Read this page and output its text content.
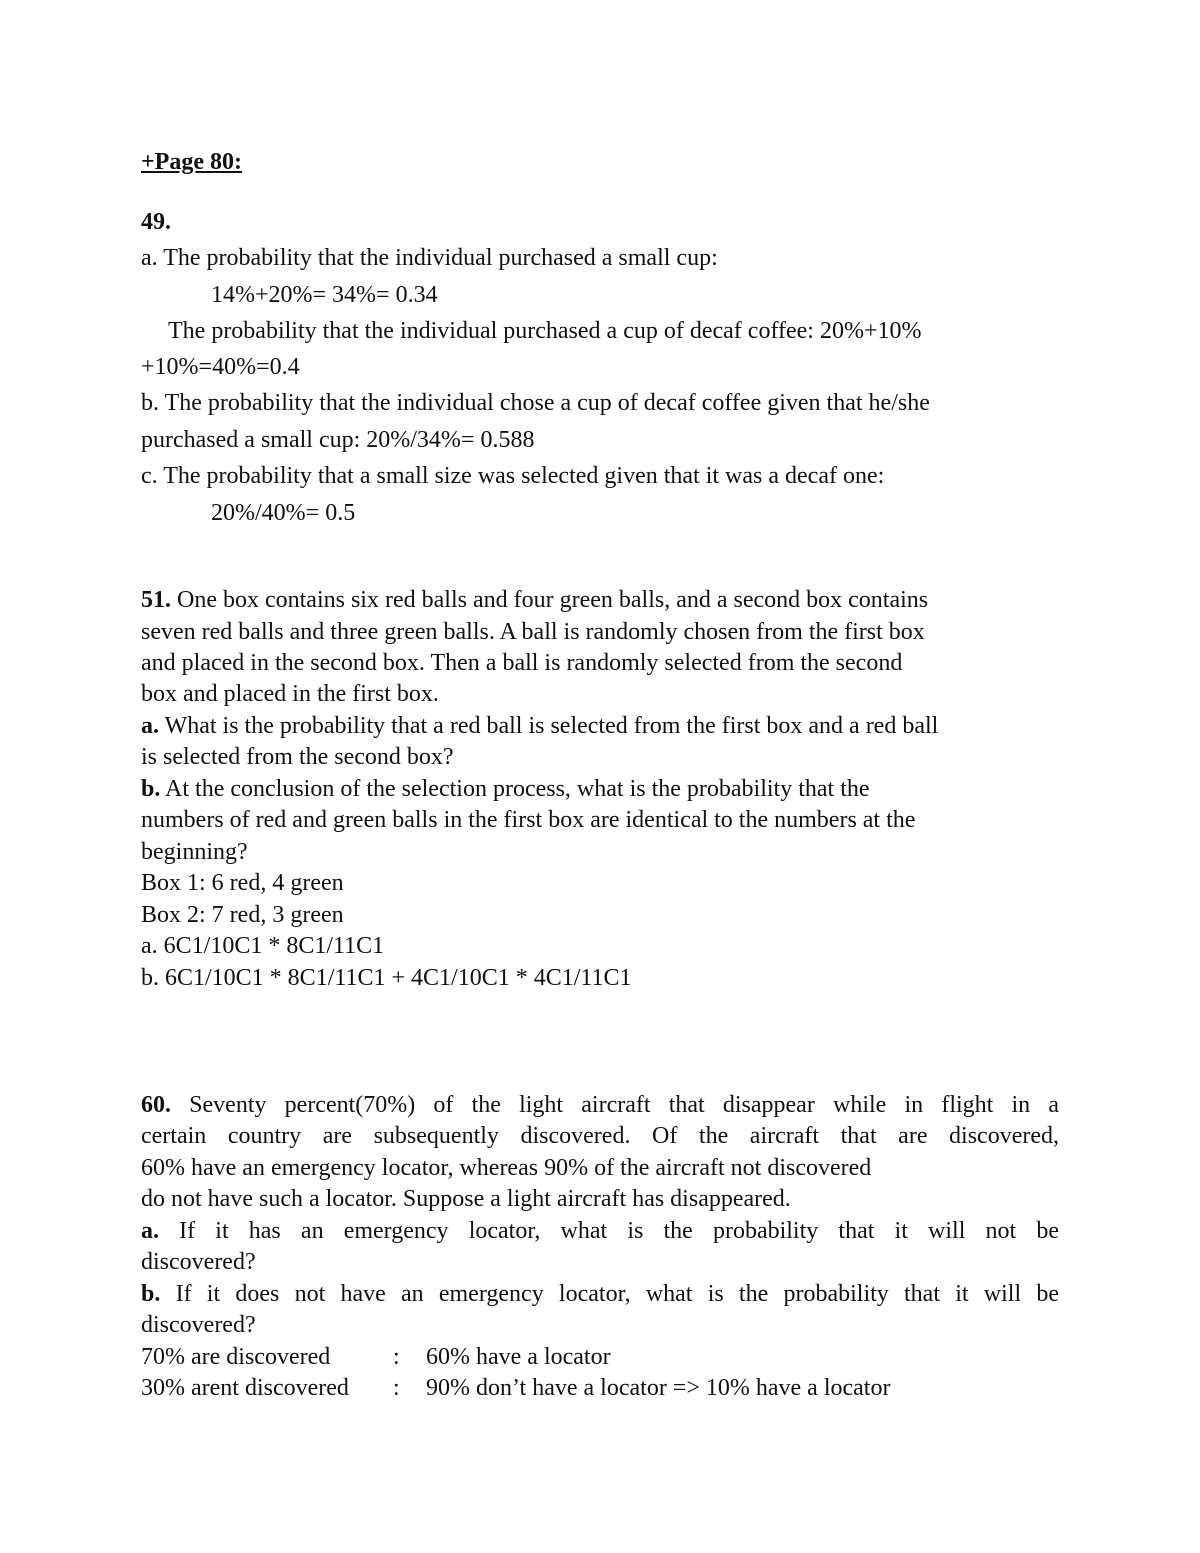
+Page 80:
49.
a. The probability that the individual purchased a small cup:
14%+20%= 34%= 0.34
The probability that the individual purchased a cup of decaf coffee: 20%+10%
+10%=40%=0.4
b. The probability that the individual chose a cup of decaf coffee given that he/she
purchased a small cup: 20%/34%= 0.588
c. The probability that a small size was selected given that it was a decaf one:
20%/40%= 0.5
51. One box contains six red balls and four green balls, and a second box contains
seven red balls and three green balls. A ball is randomly chosen from the first box
and placed in the second box. Then a ball is randomly selected from the second
box and placed in the first box.
a. What is the probability that a red ball is selected from the first box and a red ball
is selected from the second box?
b. At the conclusion of the selection process, what is the probability that the
numbers of red and green balls in the first box are identical to the numbers at the
beginning?
Box 1: 6 red, 4 green
Box 2: 7 red, 3 green
a. 6C1/10C1 * 8C1/11C1
b. 6C1/10C1 * 8C1/11C1 + 4C1/10C1 * 4C1/11C1
60. Seventy percent(70%) of the light aircraft that disappear while in flight in a
certain country are subsequently discovered. Of the aircraft that are discovered,
60% have an emergency locator, whereas 90% of the aircraft not discovered
do not have such a locator. Suppose a light aircraft has disappeared.
a. If it has an emergency locator, what is the probability that it will not be
discovered?
b. If it does not have an emergency locator, what is the probability that it will be
discovered?
70% are discovered	: 60% have a locator
30% arent discovered : 90% don’t have a locator => 10% have a locator
